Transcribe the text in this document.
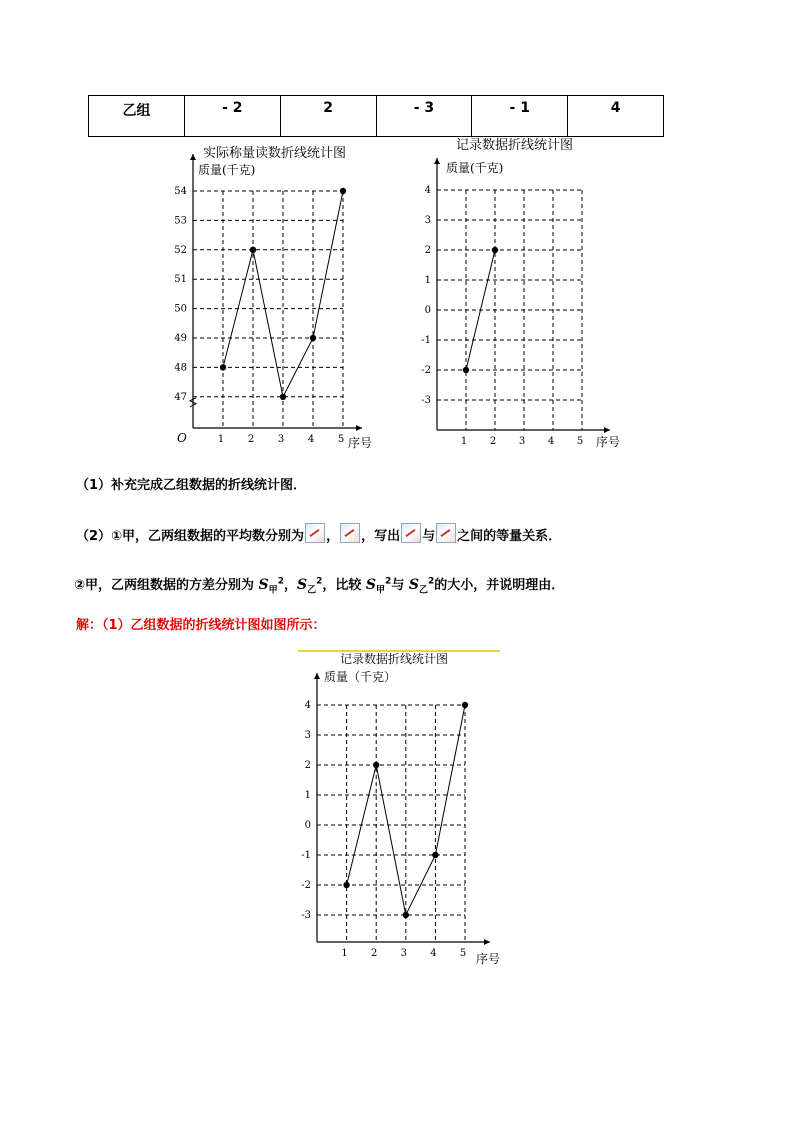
乙组	- 2	2	- 3	- 1	4
实际称量读数折线统计图
质量(千克)
O
47
48
49
50
51
52
53
54
1 2 3 4 5 序号
记录数据折线统计图
质量(千克)
-3
-2
-1
0
1
2
3
4
1 2 3 4 5 序号
记录数据折线统计图
质量（千克）
-3
-2
-1
0
1
2
3
4
1 2 3 4 5 序号
（1）补充完成乙组数据的折线统计图．
（2）①甲，乙两组数据的平均数分别为 ， ，写出 与 之间的等量关系．
②甲，乙两组数据的方差分别为 $S_甲^2$，$S_乙^2$，比较 $S_甲^2$与 $S_乙^2$的大小，并说明理由．
解：（1）乙组数据的折线统计图如图所示：
